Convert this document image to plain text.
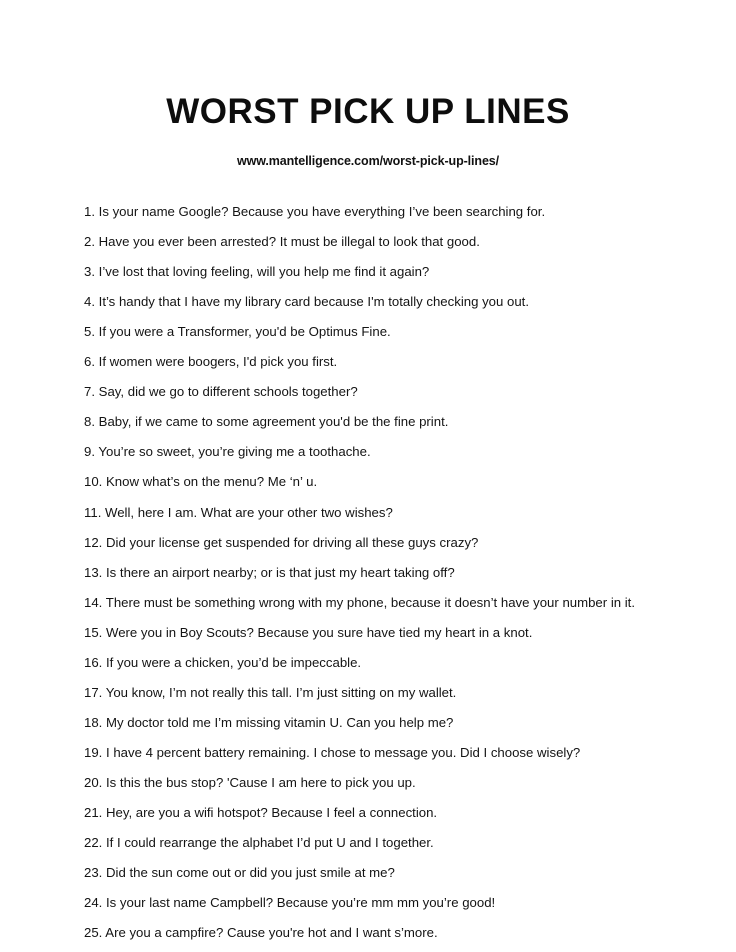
WORST PICK UP LINES
www.mantelligence.com/worst-pick-up-lines/
1. Is your name Google? Because you have everything I’ve been searching for.
2. Have you ever been arrested? It must be illegal to look that good.
3. I’ve lost that loving feeling, will you help me find it again?
4. It’s handy that I have my library card because I'm totally checking you out.
5. If you were a Transformer, you'd be Optimus Fine.
6. If women were boogers, I'd pick you first.
7. Say, did we go to different schools together?
8. Baby, if we came to some agreement you'd be the fine print.
9. You’re so sweet, you’re giving me a toothache.
10. Know what’s on the menu? Me ‘n’ u.
11. Well, here I am. What are your other two wishes?
12. Did your license get suspended for driving all these guys crazy?
13. Is there an airport nearby; or is that just my heart taking off?
14. There must be something wrong with my phone, because it doesn’t have your number in it.
15. Were you in Boy Scouts? Because you sure have tied my heart in a knot.
16. If you were a chicken, you’d be impeccable.
17. You know, I’m not really this tall. I’m just sitting on my wallet.
18. My doctor told me I’m missing vitamin U. Can you help me?
19. I have 4 percent battery remaining. I chose to message you. Did I choose wisely?
20. Is this the bus stop? 'Cause I am here to pick you up.
21. Hey, are you a wifi hotspot? Because I feel a connection.
22. If I could rearrange the alphabet I’d put U and I together.
23. Did the sun come out or did you just smile at me?
24. Is your last name Campbell? Because you’re mm mm you’re good!
25. Are you a campfire? Cause you're hot and I want s’more.
